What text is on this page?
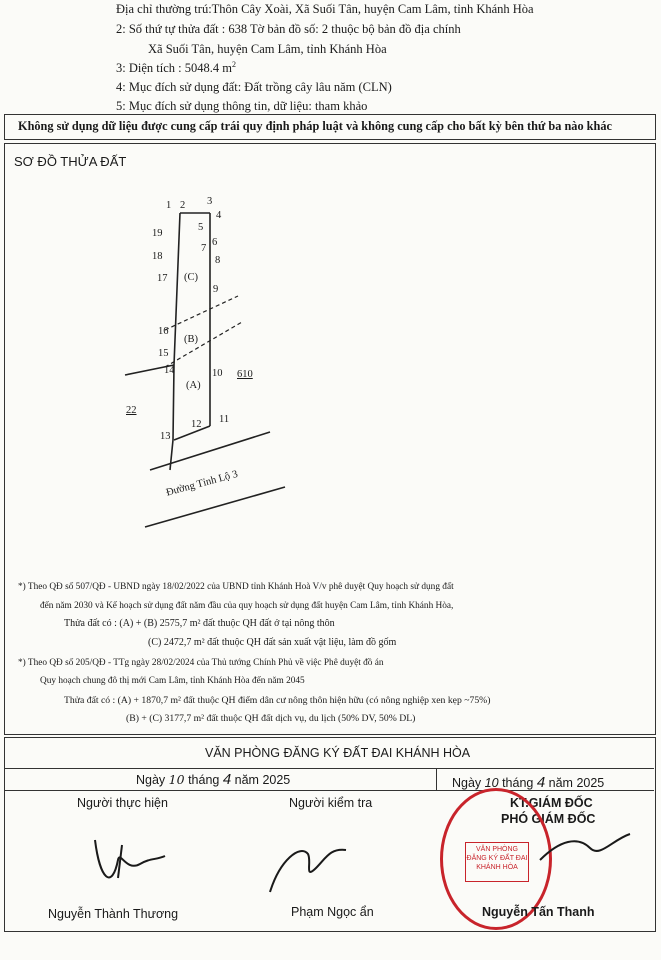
Địa chỉ thường trú:Thôn Cây Xoài, Xã Suối Tân, huyện Cam Lâm, tỉnh Khánh Hòa
2: Số thứ tự thửa đất : 638 Tờ bản đồ số: 2 thuộc bộ bản đồ địa chính
Xã Suối Tân, huyện Cam Lâm, tỉnh Khánh Hòa
3: Diện tích : 5048.4 $m^2$
4: Mục đích sử dụng đất: Đất trồng cây lâu năm (CLN)
5: Mục đích sử dụng thông tin, dữ liệu: tham khảo
Không sử dụng dữ liệu được cung cấp trái quy định pháp luật và không cung cấp cho bất kỳ bên thứ ba nào khác
SƠ ĐỒ THỬA ĐẤT
1 2 3
4
5
6
7
8
9
10
11
12
13
14
15
16
17
18
19
(C)
(B)
(A)
610
22
Đường Tỉnh Lộ 3
*) Theo QĐ số 507/QĐ - UBND ngày 18/02/2022 của UBND tỉnh Khánh Hoà V/v phê duyệt Quy hoạch sử dụng đất
đến năm 2030 và Kế hoạch sử dụng đất năm đầu của quy hoạch sử dụng đất huyện Cam Lâm, tỉnh Khánh Hòa,
Thửa đất có : (A) + (B) 2575,7 m² đất thuộc QH đất ở tại nông thôn
(C) 2472,7 m² đất thuộc QH đất sản xuất vật liệu, làm đồ gốm
*) Theo QĐ số 205/QĐ - TTg ngày 28/02/2024 của Thủ tướng Chính Phủ về việc Phê duyệt đồ án
Quy hoạch chung đô thị mới Cam Lâm, tỉnh Khánh Hòa đến năm 2045
Thửa đất có : (A) + 1870,7 m² đất thuộc QH điểm dân cư nông thôn hiện hữu (có nông nghiệp xen kẹp ~75%)
(B) + (C) 3177,7 m² đất thuộc QH đất dịch vụ, du lịch (50% DV, 50% DL)
VĂN PHÒNG ĐĂNG KÝ ĐẤT ĐAI KHÁNH HÒA
Ngày 10 tháng 4 năm 2025	Ngày 10 tháng 4 năm 2025
Người thực hiện	Người kiểm tra	KT.GIÁM ĐỐC
PHÓ GIÁM ĐỐC
VĂN PHÒNG ĐĂNG KÝ ĐẤT ĐAI KHÁNH HÒA
Nguyễn Thành Thương	Phạm Ngọc ẩn	Nguyễn Tấn Thanh
